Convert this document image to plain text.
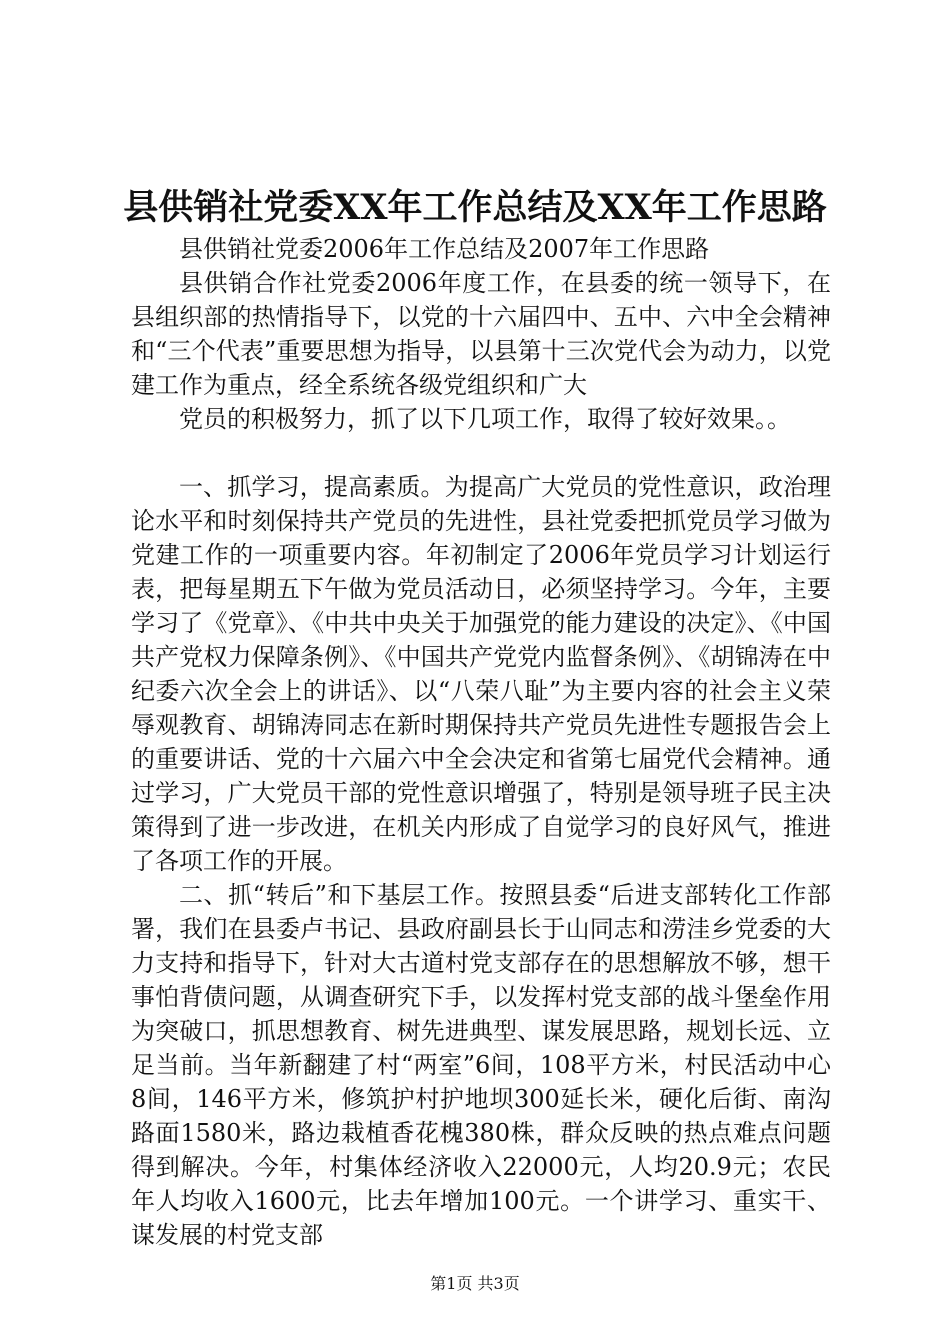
县供销社党委XX年工作总结及XX年工作思路

县供销社党委2006年工作总结及2007年工作思路

县供销合作社党委2006年度工作，在县委的统一领导下，在县组织部的热情指导下，以党的十六届四中、五中、六中全会精神和“三个代表”重要思想为指导，以县第十三次党代会为动力，以党建工作为重点，经全系统各级党组织和广大

党员的积极努力，抓了以下几项工作，取得了较好效果。。

一、抓学习，提高素质。为提高广大党员的党性意识，政治理论水平和时刻保持共产党员的先进性，县社党委把抓党员学习做为党建工作的一项重要内容。年初制定了2006年党员学习计划运行表，把每星期五下午做为党员活动日，必须坚持学习。今年，主要学习了《党章》、《中共中央关于加强党的能力建设的决定》、《中国共产党权力保障条例》、《中国共产党党内监督条例》、《胡锦涛在中纪委六次全会上的讲话》、以“八荣八耻”为主要内容的社会主义荣辱观教育、胡锦涛同志在新时期保持共产党员先进性专题报告会上的重要讲话、党的十六届六中全会决定和省第七届党代会精神。通过学习，广大党员干部的党性意识增强了，特别是领导班子民主决策得到了进一步改进，在机关内形成了自觉学习的良好风气，推进了各项工作的开展。

二、抓“转后”和下基层工作。按照县委“后进支部转化工作部署，我们在县委卢书记、县政府副县长于山同志和涝洼乡党委的大力支持和指导下，针对大古道村党支部存在的思想解放不够，想干事怕背债问题，从调查研究下手，以发挥村党支部的战斗堡垒作用为突破口，抓思想教育、树先进典型、谋发展思路，规划长远、立足当前。当年新翻建了村“两室”6间，108平方米，村民活动中心8间，146平方米，修筑护村护地坝300延长米，硬化后街、南沟路面1580米，路边栽植香花槐380株，群众反映的热点难点问题得到解决。今年，村集体经济收入22000元，人均20.9元；农民年人均收入1600元，比去年增加100元。一个讲学习、重实干、谋发展的村党支部

第1页 共3页
